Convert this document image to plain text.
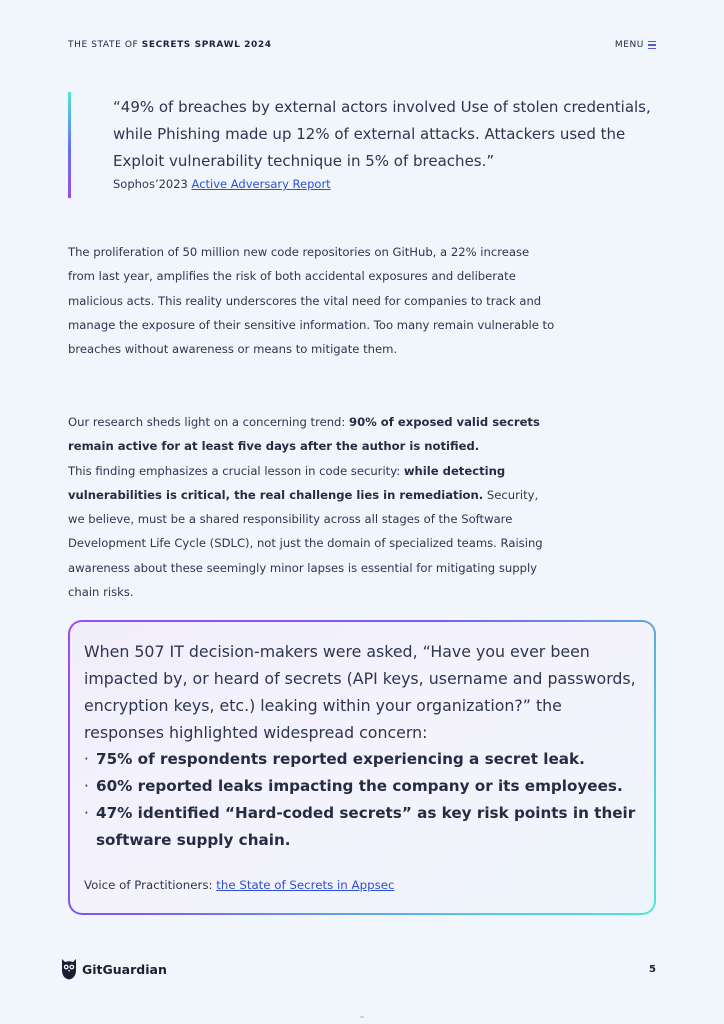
THE STATE OF SECRETS SPRAWL 2024	MENU
“49% of breaches by external actors involved Use of stolen credentials, while Phishing made up 12% of external attacks. Attackers used the Exploit vulnerability technique in 5% of breaches.”
Sophos’2023 Active Adversary Report

The proliferation of 50 million new code repositories on GitHub, a 22% increase from last year, amplifies the risk of both accidental exposures and deliberate malicious acts. This reality underscores the vital need for companies to track and manage the exposure of their sensitive information. Too many remain vulnerable to breaches without awareness or means to mitigate them.

Our research sheds light on a concerning trend: 90% of exposed valid secrets remain active for at least five days after the author is notified.
This finding emphasizes a crucial lesson in code security: while detecting vulnerabilities is critical, the real challenge lies in remediation. Security, we believe, must be a shared responsibility across all stages of the Software Development Life Cycle (SDLC), not just the domain of specialized teams. Raising awareness about these seemingly minor lapses is essential for mitigating supply chain risks.

When 507 IT decision-makers were asked, “Have you ever been impacted by, or heard of secrets (API keys, username and passwords, encryption keys, etc.) leaking within your organization?” the responses highlighted widespread concern:
· 75% of respondents reported experiencing a secret leak.
· 60% reported leaks impacting the company or its employees.
· 47% identified “Hard-coded secrets” as key risk points in their software supply chain.
Voice of Practitioners: the State of Secrets in Appsec
GitGuardian	5
